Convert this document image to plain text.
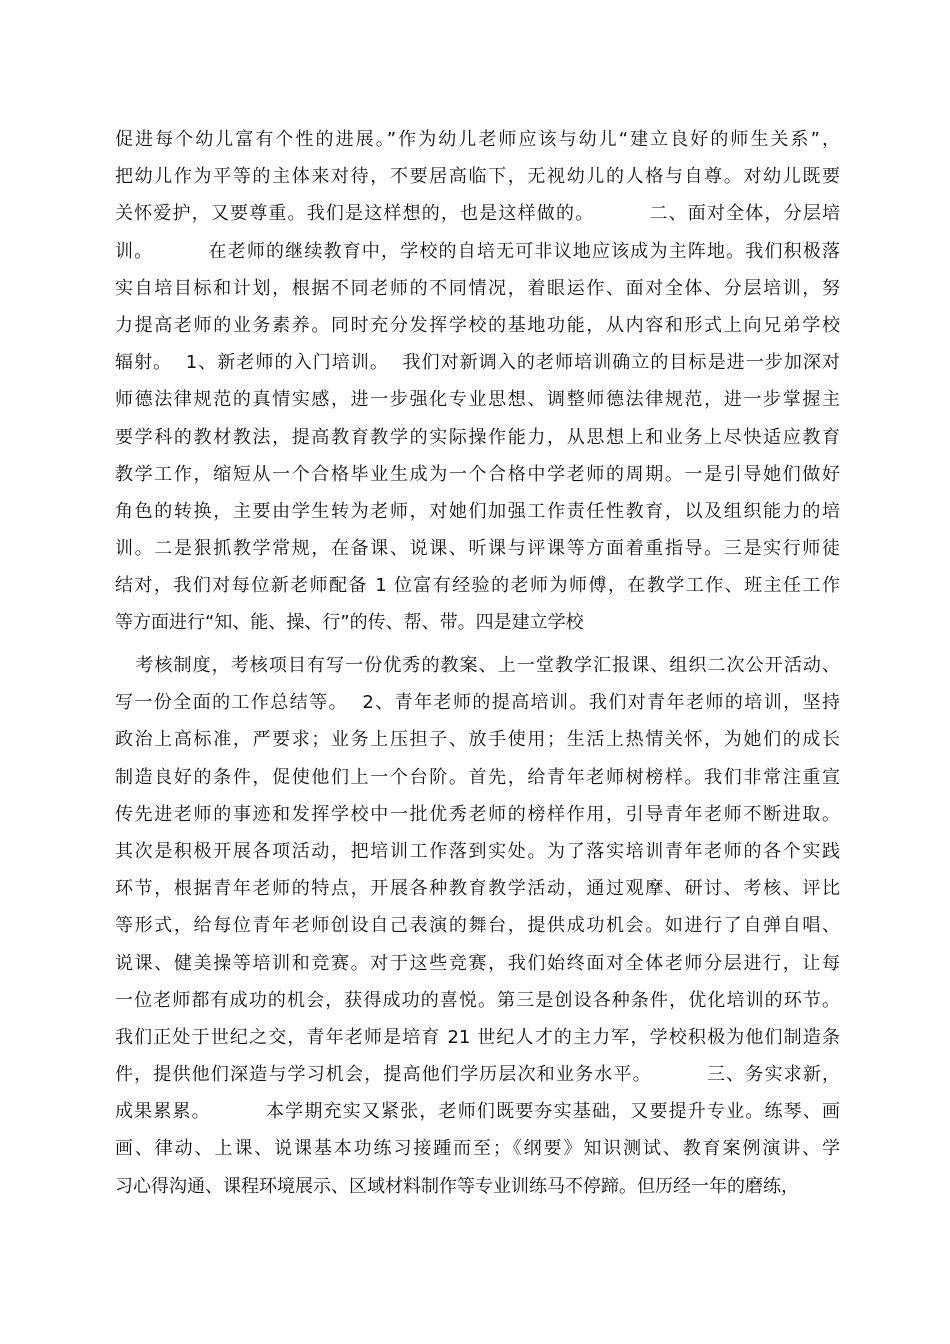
促进每个幼儿富有个性的进展。”作为幼儿老师应该与幼儿“建立良好的师生关系”，
把幼儿作为平等的主体来对待，不要居高临下，无视幼儿的人格与自尊。对幼儿既要
关怀爱护，又要尊重。我们是这样想的，也是这样做的。        二、面对全体，分层培
训。        在老师的继续教育中，学校的自培无可非议地应该成为主阵地。我们积极落
实自培目标和计划，根据不同老师的不同情况，着眼运作、面对全体、分层培训，努
力提高老师的业务素养。同时充分发挥学校的基地功能，从内容和形式上向兄弟学校
辐射。  1、新老师的入门培训。  我们对新调入的老师培训确立的目标是进一步加深对
师德法律规范的真情实感，进一步强化专业思想、调整师德法律规范，进一步掌握主
要学科的教材教法，提高教育教学的实际操作能力，从思想上和业务上尽快适应教育
教学工作，缩短从一个合格毕业生成为一个合格中学老师的周期。一是引导她们做好
角色的转换，主要由学生转为老师，对她们加强工作责任性教育，以及组织能力的培
训。二是狠抓教学常规，在备课、说课、听课与评课等方面着重指导。三是实行师徒
结对，我们对每位新老师配备 1 位富有经验的老师为师傅，在教学工作、班主任工作
等方面进行“知、能、操、行”的传、帮、带。四是建立学校
考核制度，考核项目有写一份优秀的教案、上一堂教学汇报课、组织二次公开活动、
写一份全面的工作总结等。  2、青年老师的提高培训。我们对青年老师的培训，坚持
政治上高标准，严要求；业务上压担子、放手使用；生活上热情关怀，为她们的成长
制造良好的条件，促使他们上一个台阶。首先，给青年老师树榜样。我们非常注重宣
传先进老师的事迹和发挥学校中一批优秀老师的榜样作用，引导青年老师不断进取。
其次是积极开展各项活动，把培训工作落到实处。为了落实培训青年老师的各个实践
环节，根据青年老师的特点，开展各种教育教学活动，通过观摩、研讨、考核、评比
等形式，给每位青年老师创设自己表演的舞台，提供成功机会。如进行了自弹自唱、
说课、健美操等培训和竞赛。对于这些竞赛，我们始终面对全体老师分层进行，让每
一位老师都有成功的机会，获得成功的喜悦。第三是创设各种条件，优化培训的环节。
我们正处于世纪之交，青年老师是培育 21 世纪人才的主力军，学校积极为他们制造条
件，提供他们深造与学习机会，提高他们学历层次和业务水平。        三、务实求新，
成果累累。        本学期充实又紧张，老师们既要夯实基础，又要提升专业。练琴、画
画、律动、上课、说课基本功练习接踵而至；《纲要》知识测试、教育案例演讲、学
习心得沟通、课程环境展示、区域材料制作等专业训练马不停蹄。但历经一年的磨练，
